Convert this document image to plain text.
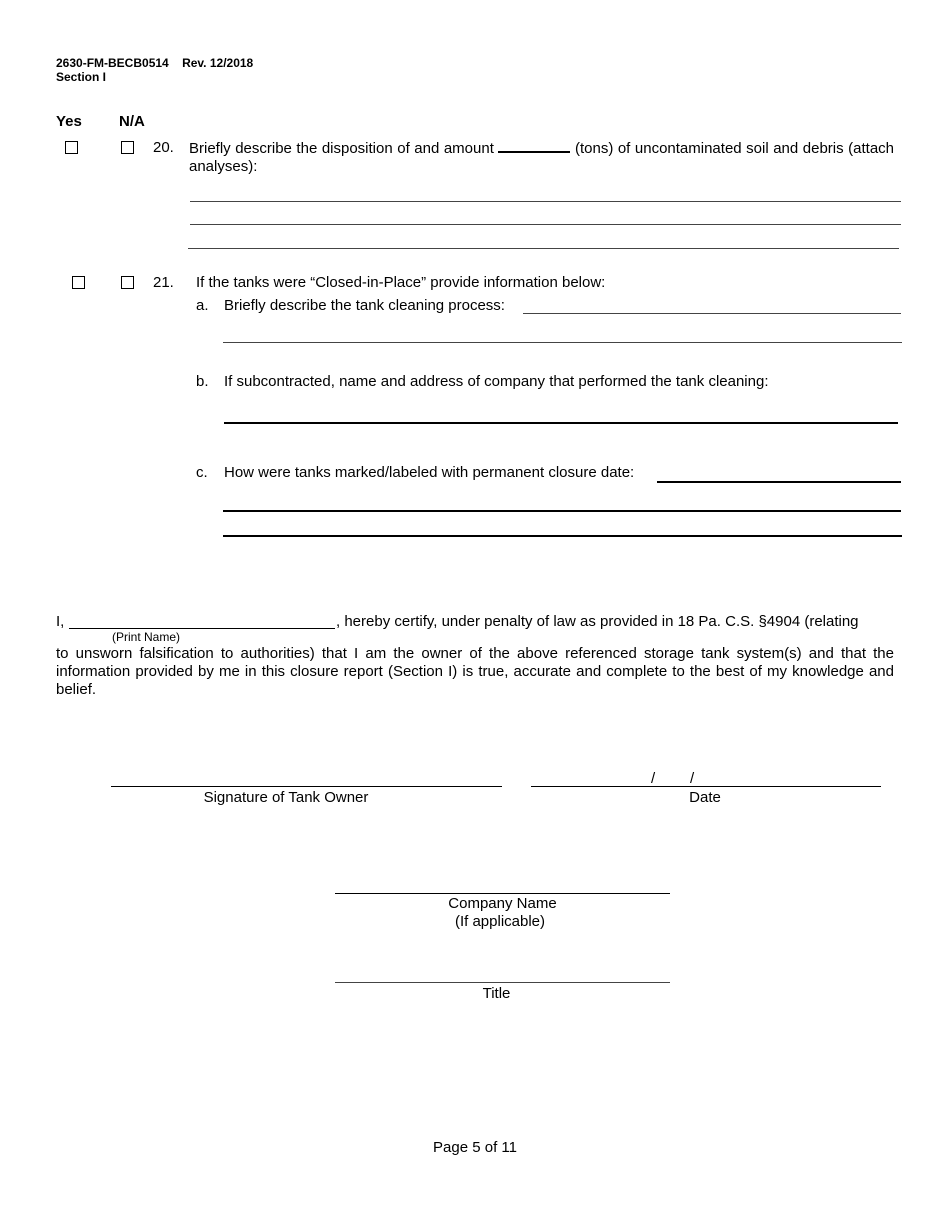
2630-FM-BECB0514 Rev. 12/2018
Section I
Yes N/A
20. Briefly describe the disposition of and amount	(tons) of uncontaminated soil and debris (attach analyses):
21. If the tanks were “Closed-in-Place” provide information below:
a. Briefly describe the tank cleaning process:
b. If subcontracted, name and address of company that performed the tank cleaning:
c. How were tanks marked/labeled with permanent closure date:
I,	, hereby certify, under penalty of law as provided in 18 Pa. C.S. §4904 (relating
(Print Name)
to unsworn falsification to authorities) that I am the owner of the above referenced storage tank system(s) and that the information provided by me in this closure report (Section I) is true, accurate and complete to the best of my knowledge and belief.
Signature of Tank Owner
/ /
Date
Company Name
(If applicable)
Title
Page 5 of 11
